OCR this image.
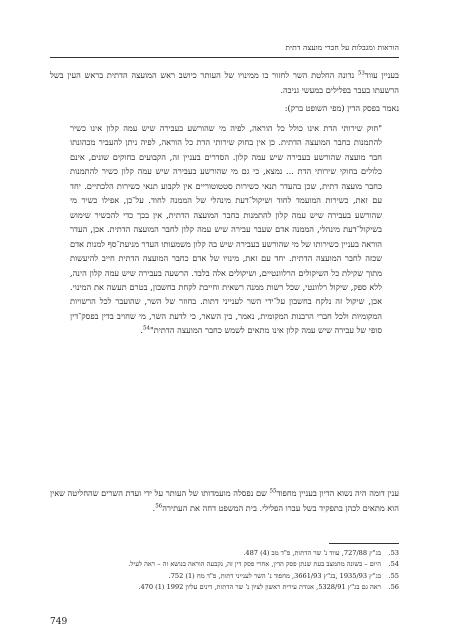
הוראות ומגבלות על חברי מועצה דתית

בעניין עווד$^{53}$ נדונה החלטת השר לחזור בו ממינויו של העותר כיושב ראש המועצה הדתית בראש העין בשל הרשעתו בעבר בפלילים במעשי גניבה.

נאמר בפסק הדין (מפי השופט ברק):

"חוק שירותי הדת אינו כולל כל הוראה, לפיה מי שהורשע בעבירה שיש עמה קלון אינו כשיר להתמנות כחבר המועצה הדתית. כן אין בחוק שירותי הדת כל הוראה, לפיה ניתן להעביר מכהונתו חבר מועצה שהורשע בעבירה שיש עמה קלון. הסדרים בעניין זה, הקבועים בחוקים שונים, אינם כלולים בחוקי שירותי הדת ... נמצא, כי גם מי שהורשע בעבירה שיש עמה קלון כשיר להתמנות כחבר מועצה דתית, שכן בהעדר תנאי כשירות סטטוטוריים אין לקבוע תנאי כשירות הלכתיים. יחד עם זאת, כשירות המועמד לחוד ושיקול־דעת מינהלי של הממנה לחוד. על־כן, אפילו כשיר מי שהורשע בעבירה שיש עמה קלון להתמנות כחבר המועצה הדתית, אין בכך כדי להכשיר שימוש בשיקול־דעת מינהלי, הממנה אדם שעבר עבירה שיש עמה קלון לחבר המועצה הדתית. אכן, העדר הוראה בעניין כשירותו של מי שהורשע בעבירה שיש בה קלון משמעותו העדר מניעת־סף למנות אדם שכזה לחבר המועצה הדתית. יחד עם זאת, מינויו של אדם כחבר המועצה הדתית חייב להיעשות מתוך שקילת כל השיקולים הרלוונטיים, ושיקולים אלה בלבד. הרשעה בעבירה שיש עמה קלון הינה, ללא ספק, שיקול רלוונטי, שכל רשות ממנה רשאית וחייבת לקחת בחשבון, בטרם תעשה את המינוי. אכן, שיקול זה נלקח בחשבון על־ידי השר לענייני דתות. בחוזר של השר, שהועבר לכל הרשויות המקומיות ולכל חברי הרבנות המקומית, נאמר, בין השאר, כי לדעת השר, מי שחויב בדין בפסק־דין סופי של עבירה שיש עמה קלון אינו מתאים לשמש כחבר המועצה הדתית"$^{54}$.

ענין דומה היה נשוא הדיון בעניין מחפוד$^{55}$ שם נפסלה מועמדותו של העותר על ידי ועדת השרים שהחליטה שאין הוא מתאים לכהן בתפקיד בשל עברו הפלילי. בית המשפט דחה את העתירה$^{56}$.

53.
בג"ץ 727/88, עווד נ' שר הדתות, פ"ד מב (4) 487.
54.
היום – בשונה מהמצב בעת שנתן פסק הדין, אחרי פסק דין זה, נקבעה הוראה בנושא זה – ראה לעיל.
55.
בג"ץ 1935/93 ,בג"ץ 3661/93, מחפוד נ' השר לענייני דתות, פ"ד מח (1) 752.
56.
ראה גם בג"ץ 5328/91, אגודת עירית ראשון לציון נ' שר הדתות, דינים עליון 1992 (1) 470.
749
